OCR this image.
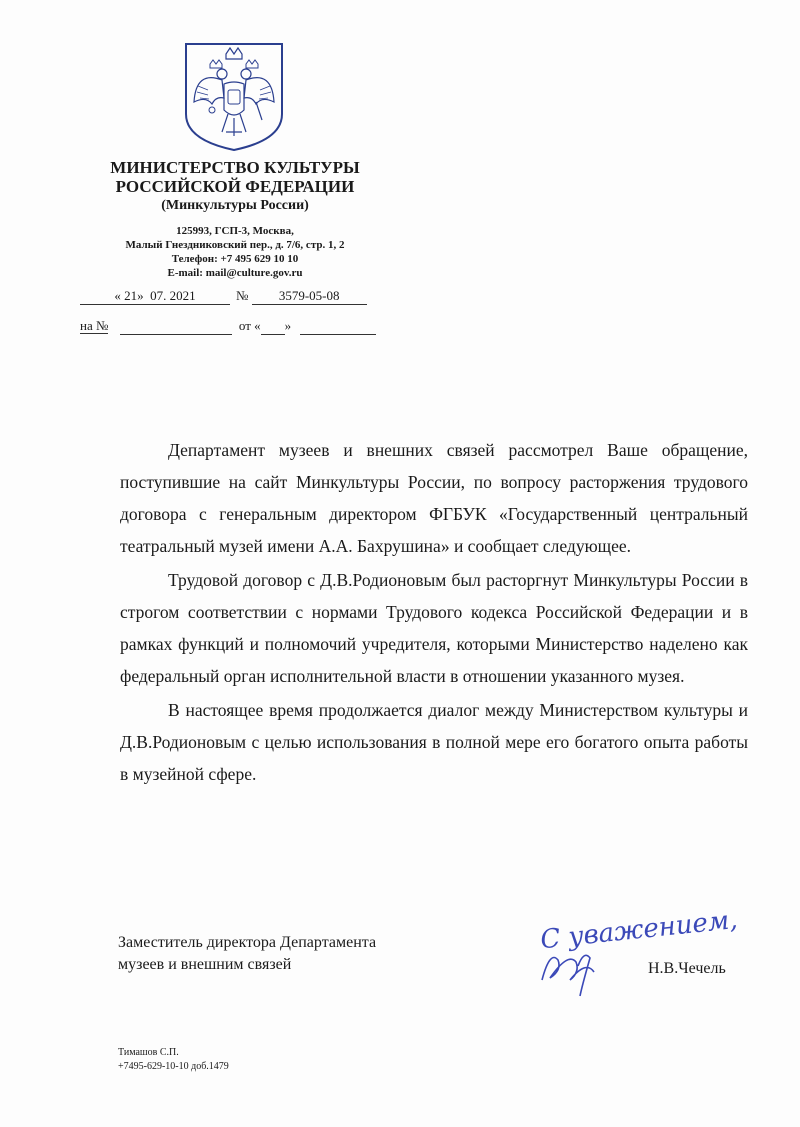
МИНИСТЕРСТВО КУЛЬТУРЫ
РОССИЙСКОЙ ФЕДЕРАЦИИ
(Минкультуры России)
125993, ГСП-3, Москва,
Малый Гнездниковский пер., д. 7/6, стр. 1, 2
Телефон: +7 495 629 10 10
E-mail: mail@culture.gov.ru
« 21» 07. 2021	№ 3579-05-08
на №	от « »

Департамент музеев и внешних связей рассмотрел Ваше обращение, поступившие на сайт Минкультуры России, по вопросу расторжения трудового договора с генеральным директором ФГБУК «Государственный центральный театральный музей имени А.А. Бахрушина» и сообщает следующее.

Трудовой договор с Д.В.Родионовым был расторгнут Минкультуры России в строгом соответствии с нормами Трудового кодекса Российской Федерации и в рамках функций и полномочий учредителя, которыми Министерство наделено как федеральный орган исполнительной власти в отношении указанного музея.

В настоящее время продолжается диалог между Министерством культуры и Д.В.Родионовым с целью использования в полной мере его богатого опыта работы в музейной сфере.

Заместитель директора Департамента
музеев и внешним связей
С уважением,
Н.В.Чечель
Тимашов С.П.
+7495-629-10-10 доб.1479
